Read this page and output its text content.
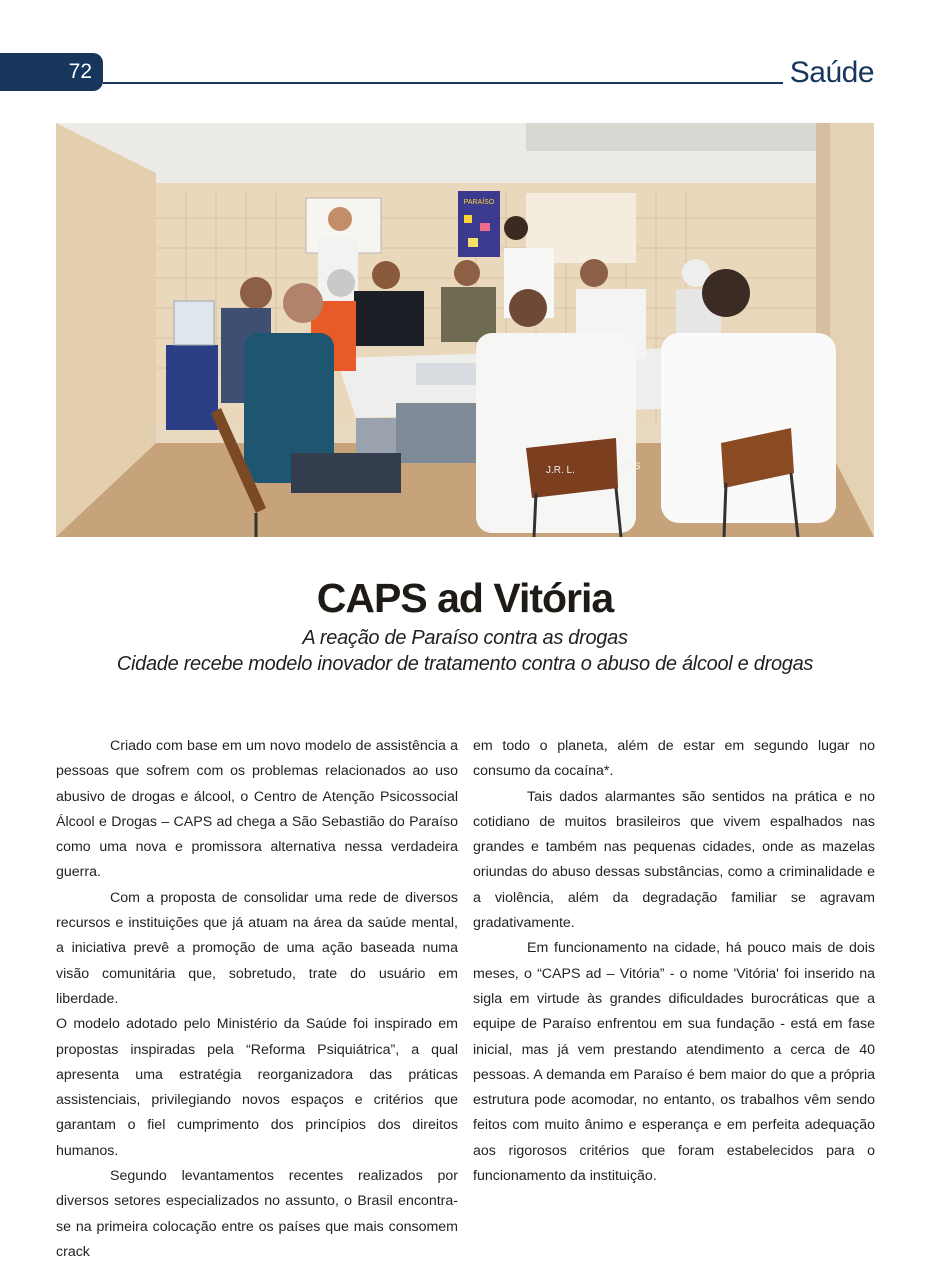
72	Saúde
PARAÍSO
J.R. L.	GRS
CAPS ad Vitória
A reação de Paraíso contra as drogas
Cidade recebe modelo inovador de tratamento contra o abuso de álcool e drogas

Criado com base em um novo modelo de assistência a pessoas que sofrem com os problemas relacionados ao uso abusivo de drogas e álcool, o Centro de Atenção Psicossocial Álcool e Drogas – CAPS ad chega a São Sebastião do Paraíso como uma nova e promissora alternativa nessa verdadeira guerra.

Com a proposta de consolidar uma rede de diversos recursos e instituições que já atuam na área da saúde mental, a iniciativa prevê a promoção de uma ação baseada numa visão comunitária que, sobretudo, trate do usuário em liberdade.

O modelo adotado pelo Ministério da Saúde foi inspirado em propostas inspiradas pela “Reforma Psiquiátrica”, a qual apresenta uma estratégia reorganizadora das práticas assistenciais, privilegiando novos espaços e critérios que garantam o fiel cumprimento dos princípios dos direitos humanos.

Segundo levantamentos recentes realizados por diversos setores especializados no assunto, o Brasil encontra-se na primeira colocação entre os países que mais consomem crack

em todo o planeta, além de estar em segundo lugar no consumo da cocaína*.

Tais dados alarmantes são sentidos na prática e no cotidiano de muitos brasileiros que vivem espalhados nas grandes e também nas pequenas cidades, onde as mazelas oriundas do abuso dessas substâncias, como a criminalidade e a violência, além da degradação familiar se agravam gradativamente.

Em funcionamento na cidade, há pouco mais de dois meses, o “CAPS ad – Vitória” - o nome 'Vitória' foi inserido na sigla em virtude às grandes dificuldades burocráticas que a equipe de Paraíso enfrentou em sua fundação - está em fase inicial, mas já vem prestando atendimento a cerca de 40 pessoas. A demanda em Paraíso é bem maior do que a própria estrutura pode acomodar, no entanto, os trabalhos vêm sendo feitos com muito ânimo e esperança e em perfeita adequação aos rigorosos critérios que foram estabelecidos para o funcionamento da instituição.
